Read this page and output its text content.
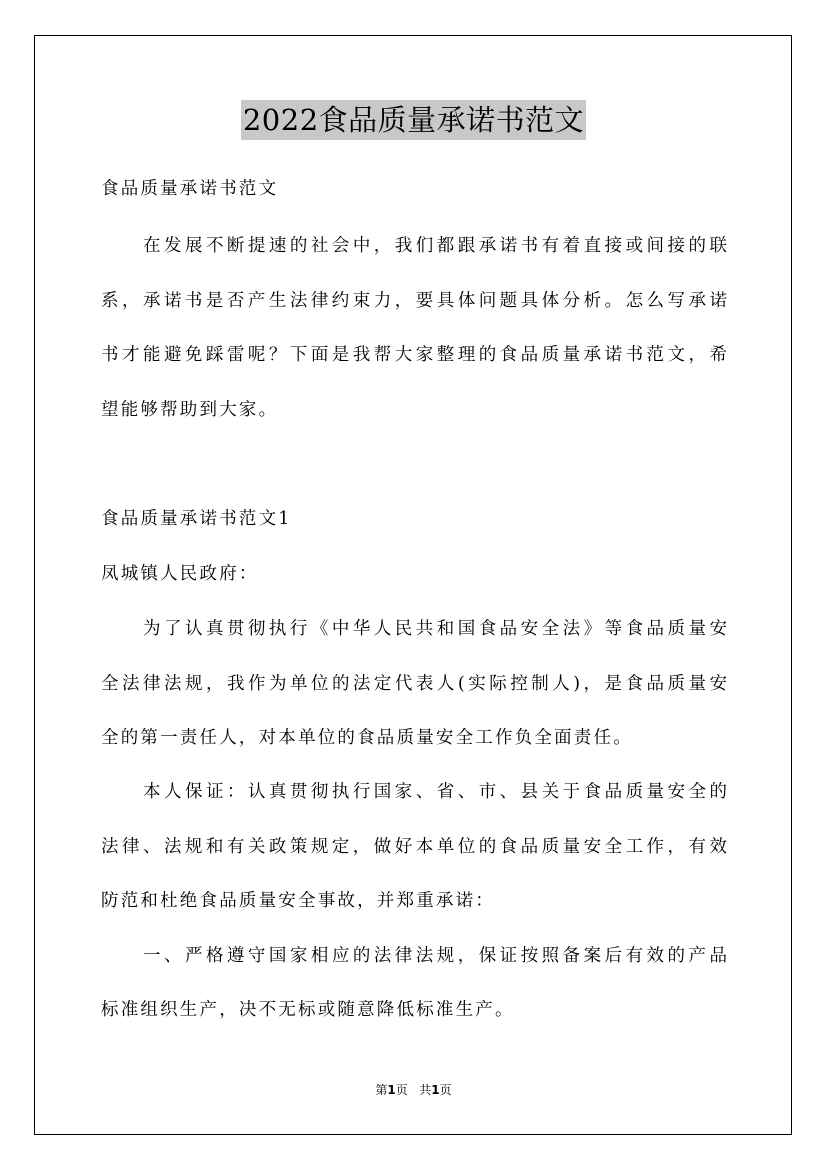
2022食品质量承诺书范文
食品质量承诺书范文
在发展不断提速的社会中，我们都跟承诺书有着直接或间接的联
系，承诺书是否产生法律约束力，要具体问题具体分析。怎么写承诺
书才能避免踩雷呢？下面是我帮大家整理的食品质量承诺书范文，希
望能够帮助到大家。
食品质量承诺书范文1
凤城镇人民政府：
为了认真贯彻执行《中华人民共和国食品安全法》等食品质量安
全法律法规，我作为单位的法定代表人(实际控制人)，是食品质量安
全的第一责任人，对本单位的食品质量安全工作负全面责任。
本人保证：认真贯彻执行国家、省、市、县关于食品质量安全的
法律、法规和有关政策规定，做好本单位的食品质量安全工作，有效
防范和杜绝食品质量安全事故，并郑重承诺：
一、严格遵守国家相应的法律法规，保证按照备案后有效的产品
标准组织生产，决不无标或随意降低标准生产。
第1页 共1页
